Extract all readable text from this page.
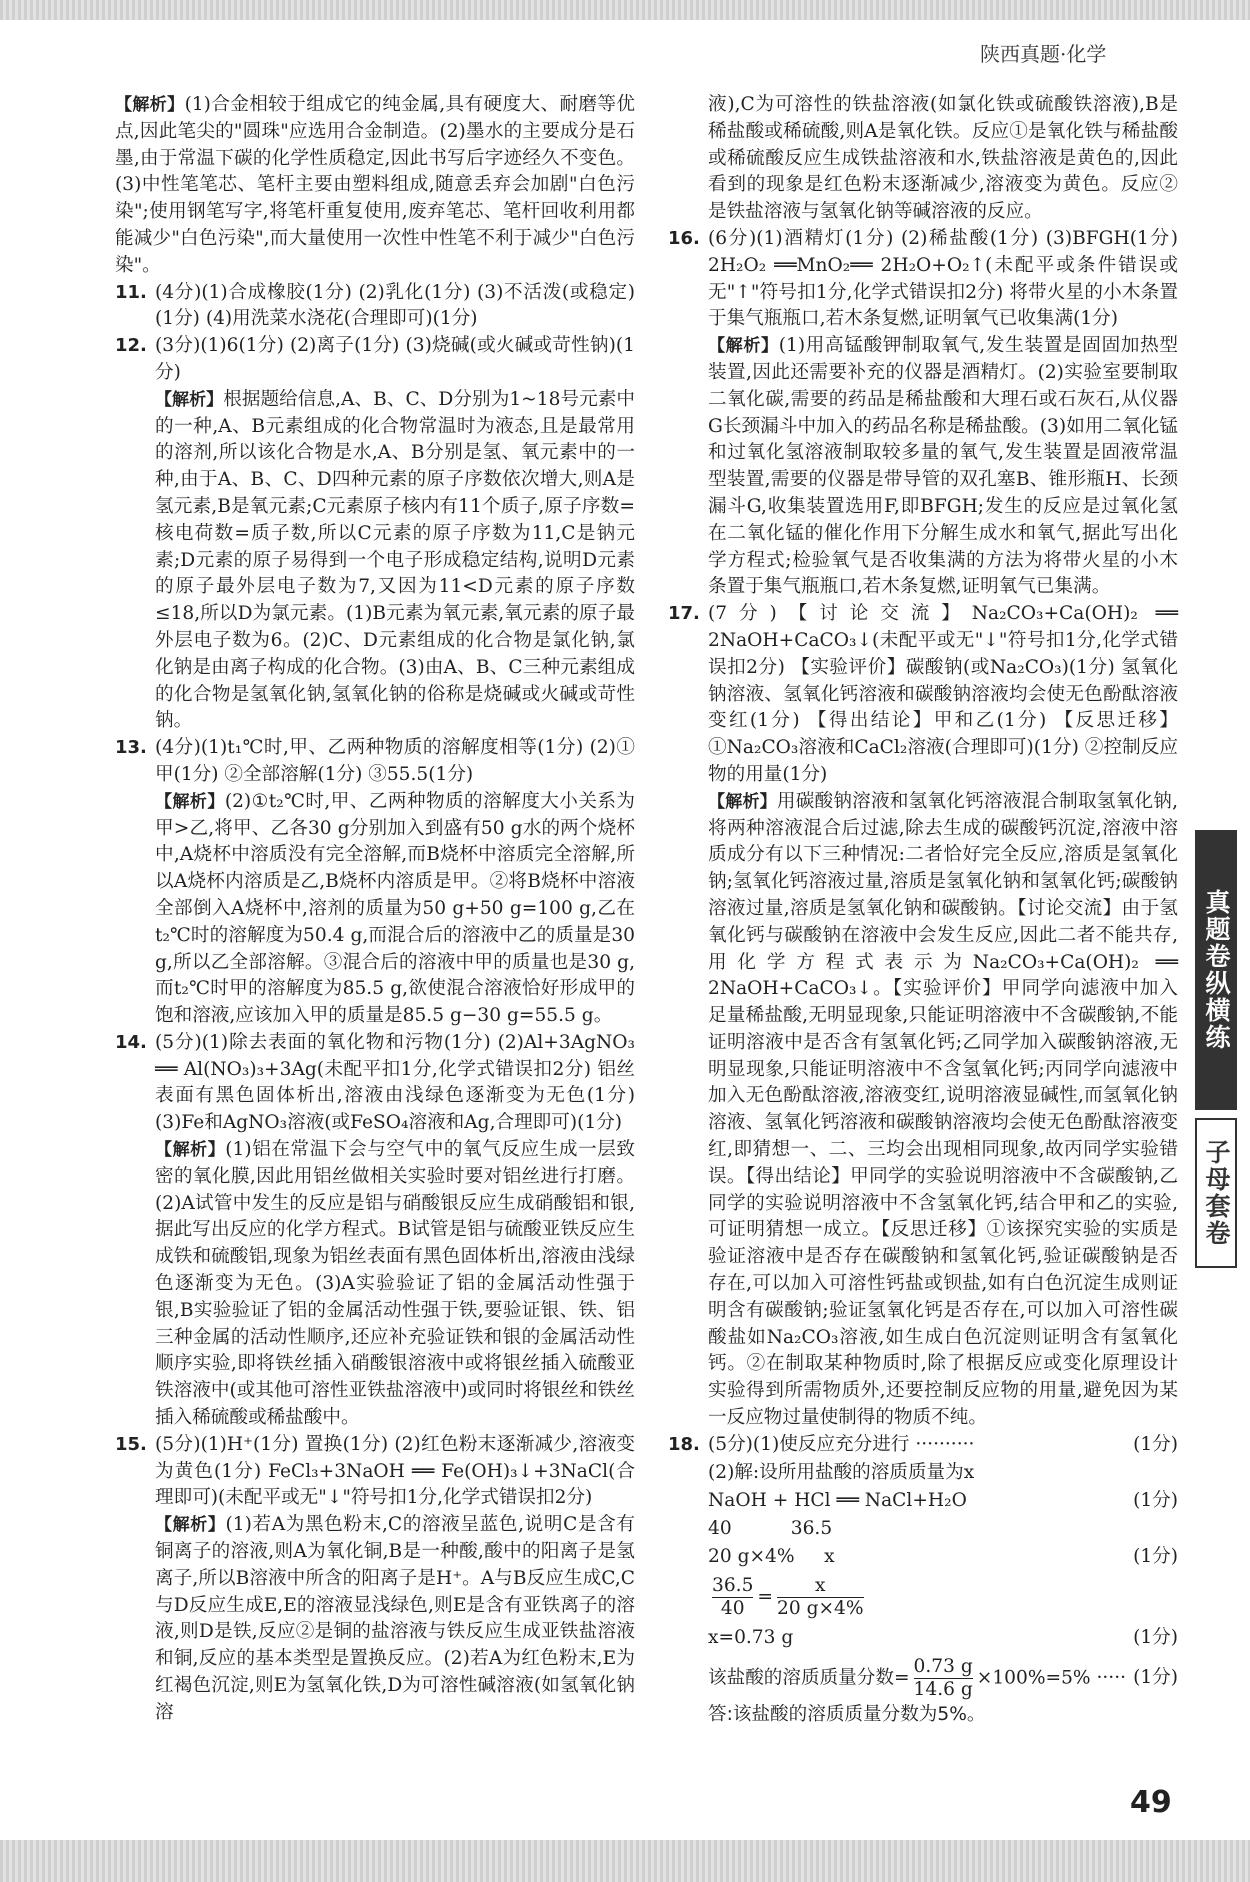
陕西真题·化学

【解析】(1)合金相较于组成它的纯金属,具有硬度大、耐磨等优点,因此笔尖的"圆珠"应选用合金制造。(2)墨水的主要成分是石墨,由于常温下碳的化学性质稳定,因此书写后字迹经久不变色。(3)中性笔笔芯、笔杆主要由塑料组成,随意丢弃会加剧"白色污染";使用钢笔写字,将笔杆重复使用,废弃笔芯、笔杆回收利用都能减少"白色污染",而大量使用一次性中性笔不利于减少"白色污染"。

11. (4分)(1)合成橡胶(1分) (2)乳化(1分) (3)不活泼(或稳定)(1分) (4)用洗菜水浇花(合理即可)(1分)

12. (3分)(1)6(1分) (2)离子(1分) (3)烧碱(或火碱或苛性钠)(1分)

【解析】根据题给信息,A、B、C、D分别为1~18号元素中的一种,A、B元素组成的化合物常温时为液态,且是最常用的溶剂,所以该化合物是水,A、B分别是氢、氧元素中的一种,由于A、B、C、D四种元素的原子序数依次增大,则A是氢元素,B是氧元素;C元素原子核内有11个质子,原子序数=核电荷数=质子数,所以C元素的原子序数为11,C是钠元素;D元素的原子易得到一个电子形成稳定结构,说明D元素的原子最外层电子数为7,又因为11<D元素的原子序数≤18,所以D为氯元素。(1)B元素为氧元素,氧元素的原子最外层电子数为6。(2)C、D元素组成的化合物是氯化钠,氯化钠是由离子构成的化合物。(3)由A、B、C三种元素组成的化合物是氢氧化钠,氢氧化钠的俗称是烧碱或火碱或苛性钠。

13. (4分)(1)t₁℃时,甲、乙两种物质的溶解度相等(1分) (2)①甲(1分) ②全部溶解(1分) ③55.5(1分)

【解析】(2)①t₂℃时,甲、乙两种物质的溶解度大小关系为甲>乙,将甲、乙各30 g分别加入到盛有50 g水的两个烧杯中,A烧杯中溶质没有完全溶解,而B烧杯中溶质完全溶解,所以A烧杯内溶质是乙,B烧杯内溶质是甲。②将B烧杯中溶液全部倒入A烧杯中,溶剂的质量为50 g+50 g=100 g,乙在t₂℃时的溶解度为50.4 g,而混合后的溶液中乙的质量是30 g,所以乙全部溶解。③混合后的溶液中甲的质量也是30 g,而t₂℃时甲的溶解度为85.5 g,欲使混合溶液恰好形成甲的饱和溶液,应该加入甲的质量是85.5 g−30 g=55.5 g。

14. (5分)(1)除去表面的氧化物和污物(1分) (2)Al+3AgNO₃ ══ Al(NO₃)₃+3Ag(未配平扣1分,化学式错误扣2分) 铝丝表面有黑色固体析出,溶液由浅绿色逐渐变为无色(1分) (3)Fe和AgNO₃溶液(或FeSO₄溶液和Ag,合理即可)(1分)

【解析】(1)铝在常温下会与空气中的氧气反应生成一层致密的氧化膜,因此用铝丝做相关实验时要对铝丝进行打磨。(2)A试管中发生的反应是铝与硝酸银反应生成硝酸铝和银,据此写出反应的化学方程式。B试管是铝与硫酸亚铁反应生成铁和硫酸铝,现象为铝丝表面有黑色固体析出,溶液由浅绿色逐渐变为无色。(3)A实验验证了铝的金属活动性强于银,B实验验证了铝的金属活动性强于铁,要验证银、铁、铝三种金属的活动性顺序,还应补充验证铁和银的金属活动性顺序实验,即将铁丝插入硝酸银溶液中或将银丝插入硫酸亚铁溶液中(或其他可溶性亚铁盐溶液中)或同时将银丝和铁丝插入稀硫酸或稀盐酸中。

15. (5分)(1)H⁺(1分) 置换(1分) (2)红色粉末逐渐减少,溶液变为黄色(1分) FeCl₃+3NaOH ══ Fe(OH)₃↓+3NaCl(合理即可)(未配平或无"↓"符号扣1分,化学式错误扣2分)

【解析】(1)若A为黑色粉末,C的溶液呈蓝色,说明C是含有铜离子的溶液,则A为氧化铜,B是一种酸,酸中的阳离子是氢离子,所以B溶液中所含的阳离子是H⁺。A与B反应生成C,C与D反应生成E,E的溶液显浅绿色,则E是含有亚铁离子的溶液,则D是铁,反应②是铜的盐溶液与铁反应生成亚铁盐溶液和铜,反应的基本类型是置换反应。(2)若A为红色粉末,E为红褐色沉淀,则E为氢氧化铁,D为可溶性碱溶液(如氢氧化钠溶

液),C为可溶性的铁盐溶液(如氯化铁或硫酸铁溶液),B是稀盐酸或稀硫酸,则A是氧化铁。反应①是氧化铁与稀盐酸或稀硫酸反应生成铁盐溶液和水,铁盐溶液是黄色的,因此看到的现象是红色粉末逐渐减少,溶液变为黄色。反应②是铁盐溶液与氢氧化钠等碱溶液的反应。

16. (6分)(1)酒精灯(1分) (2)稀盐酸(1分) (3)BFGH(1分) 2H₂O₂ ══MnO₂══ 2H₂O+O₂↑(未配平或条件错误或无"↑"符号扣1分,化学式错误扣2分) 将带火星的小木条置于集气瓶瓶口,若木条复燃,证明氧气已收集满(1分)

【解析】(1)用高锰酸钾制取氧气,发生装置是固固加热型装置,因此还需要补充的仪器是酒精灯。(2)实验室要制取二氧化碳,需要的药品是稀盐酸和大理石或石灰石,从仪器G长颈漏斗中加入的药品名称是稀盐酸。(3)如用二氧化锰和过氧化氢溶液制取较多量的氧气,发生装置是固液常温型装置,需要的仪器是带导管的双孔塞B、锥形瓶H、长颈漏斗G,收集装置选用F,即BFGH;发生的反应是过氧化氢在二氧化锰的催化作用下分解生成水和氧气,据此写出化学方程式;检验氧气是否收集满的方法为将带火星的小木条置于集气瓶瓶口,若木条复燃,证明氧气已集满。

17. (7分)【讨论交流】Na₂CO₃+Ca(OH)₂ ══ 2NaOH+CaCO₃↓(未配平或无"↓"符号扣1分,化学式错误扣2分) 【实验评价】碳酸钠(或Na₂CO₃)(1分) 氢氧化钠溶液、氢氧化钙溶液和碳酸钠溶液均会使无色酚酞溶液变红(1分) 【得出结论】甲和乙(1分) 【反思迁移】①Na₂CO₃溶液和CaCl₂溶液(合理即可)(1分) ②控制反应物的用量(1分)

【解析】用碳酸钠溶液和氢氧化钙溶液混合制取氢氧化钠,将两种溶液混合后过滤,除去生成的碳酸钙沉淀,溶液中溶质成分有以下三种情况:二者恰好完全反应,溶质是氢氧化钠;氢氧化钙溶液过量,溶质是氢氧化钠和氢氧化钙;碳酸钠溶液过量,溶质是氢氧化钠和碳酸钠。【讨论交流】由于氢氧化钙与碳酸钠在溶液中会发生反应,因此二者不能共存,用化学方程式表示为Na₂CO₃+Ca(OH)₂ ══ 2NaOH+CaCO₃↓。【实验评价】甲同学向滤液中加入足量稀盐酸,无明显现象,只能证明溶液中不含碳酸钠,不能证明溶液中是否含有氢氧化钙;乙同学加入碳酸钠溶液,无明显现象,只能证明溶液中不含氢氧化钙;丙同学向滤液中加入无色酚酞溶液,溶液变红,说明溶液显碱性,而氢氧化钠溶液、氢氧化钙溶液和碳酸钠溶液均会使无色酚酞溶液变红,即猜想一、二、三均会出现相同现象,故丙同学实验错误。【得出结论】甲同学的实验说明溶液中不含碳酸钠,乙同学的实验说明溶液中不含氢氧化钙,结合甲和乙的实验,可证明猜想一成立。【反思迁移】①该探究实验的实质是验证溶液中是否存在碳酸钠和氢氧化钙,验证碳酸钠是否存在,可以加入可溶性钙盐或钡盐,如有白色沉淀生成则证明含有碳酸钠;验证氢氧化钙是否存在,可以加入可溶性碳酸盐如Na₂CO₃溶液,如生成白色沉淀则证明含有氢氧化钙。②在制取某种物质时,除了根据反应或变化原理设计实验得到所需物质外,还要控制反应物的用量,避免因为某一反应物过量使制得的物质不纯。

18. (5分)(1)使反应充分进行 ··········	(1分)
(2)解:设所用盐酸的溶质质量为x
NaOH + HCl ══ NaCl+H₂O	(1分)
40          36.5
20 g×4%     x	(1分)
$\frac{36.5}{40} = \frac{x}{20 g\times 4\%}$
x=0.73 g	(1分)
该盐酸的溶质质量分数= $\frac{0.73 g}{14.6 g} \times 100\%=5\%$ ····· (1分)
答:该盐酸的溶质质量分数为5%。
真题卷纵横练
子母套卷
49
